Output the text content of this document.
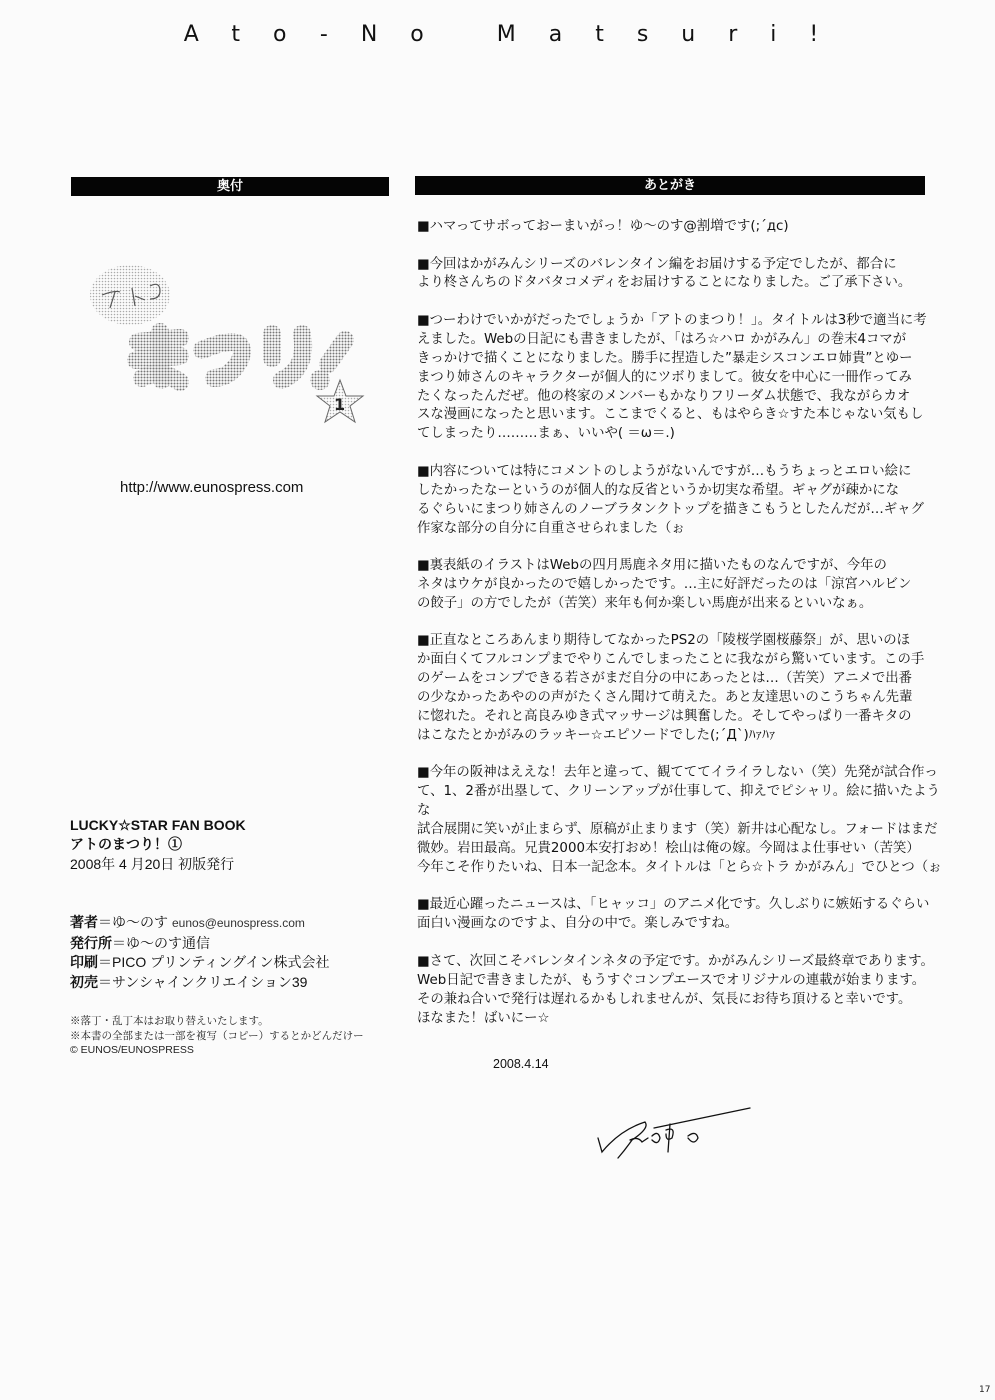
Ato-No Matsuri!
奥付
1
http://www.eunospress.com
LUCKY☆STAR FAN BOOK
アトのまつり！①
2008年 4 月20日 初版発行
著者＝ゆ～のす eunos@eunospress.com
発行所＝ゆ～のす通信
印刷＝PICO プリンティングイン株式会社
初売＝サンシャインクリエイション39
※落丁・乱丁本はお取り替えいたします。
※本書の全部または一部を複写（コピー）するとかどんだけー
© EUNOS/EUNOSPRESS
あとがき

■ハマってサボっておーまいがっ！ゆ～のす@割増です(;´дc)

■今回はかがみんシリーズのバレンタイン編をお届けする予定でしたが、都合に
より柊さんちのドタバタコメディをお届けすることになりました。ご了承下さい。

■つーわけでいかがだったでしょうか「アトのまつり！」。タイトルは3秒で適当に考
えました。Webの日記にも書きましたが、「はろ☆ハロ かがみん」の巻末4コマが
きっかけで描くことになりました。勝手に捏造した”暴走シスコンエロ姉貴”とゆー
まつり姉さんのキャラクターが個人的にツボりまして。彼女を中心に一冊作ってみ
たくなったんだぜ。他の柊家のメンバーもかなりフリーダム状態で、我ながらカオ
スな漫画になったと思います。ここまでくると、もはやらき☆すた本じゃない気もし
てしまったり………まぁ、いいや( ＝ω＝.)

■内容については特にコメントのしようがないんですが…もうちょっとエロい絵に
したかったなーというのが個人的な反省というか切実な希望。ギャグが疎かにな
るぐらいにまつり姉さんのノーブラタンクトップを描きこもうとしたんだが…ギャグ
作家な部分の自分に自重させられました（ぉ

■裏表紙のイラストはWebの四月馬鹿ネタ用に描いたものなんですが、今年の
ネタはウケが良かったので嬉しかったです。…主に好評だったのは「涼宮ハルビン
の餃子」の方でしたが（苦笑）来年も何か楽しい馬鹿が出来るといいなぁ。

■正直なところあんまり期待してなかったPS2の「陵桜学園桜藤祭」が、思いのほ
か面白くてフルコンプまでやりこんでしまったことに我ながら驚いています。この手
のゲームをコンプできる若さがまだ自分の中にあったとは…（苦笑）アニメで出番
の少なかったあやのの声がたくさん聞けて萌えた。あと友達思いのこうちゃん先輩
に惚れた。それと高良みゆき式マッサージは興奮した。そしてやっぱり一番キタの
はこなたとかがみのラッキー☆エピソードでした(;´Д`)ﾊｧﾊｧ

■今年の阪神はええな！去年と違って、観てててイライラしない（笑）先発が試合作っ
て、1、2番が出塁して、クリーンアップが仕事して、抑えでピシャリ。絵に描いたような
試合展開に笑いが止まらず、原稿が止まります（笑）新井は心配なし。フォードはまだ
微妙。岩田最高。兄貴2000本安打おめ！桧山は俺の嫁。今岡はよ仕事せい（苦笑）
今年こそ作りたいね、日本一記念本。タイトルは「とら☆トラ かがみん」でひとつ（ぉ

■最近心躍ったニュースは、「ヒャッコ」のアニメ化です。久しぶりに嫉妬するぐらい
面白い漫画なのですよ、自分の中で。楽しみですね。

■さて、次回こそバレンタインネタの予定です。かがみんシリーズ最終章であります。
Web日記で書きましたが、もうすぐコンプエースでオリジナルの連載が始まります。
その兼ね合いで発行は遅れるかもしれませんが、気長にお待ち頂けると幸いです。
ほなまた！ばいにー☆

2008.4.14
17
